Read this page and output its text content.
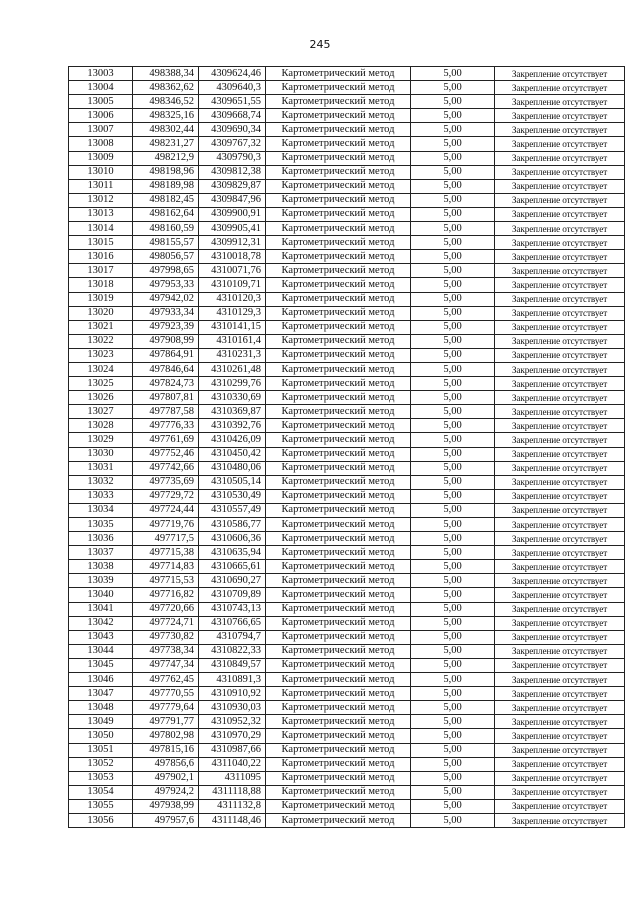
245
13003	498388,34	4309624,46	Картометрический метод	5,00	Закрепление отсутствует
13004	498362,62	4309640,3	Картометрический метод	5,00	Закрепление отсутствует
13005	498346,52	4309651,55	Картометрический метод	5,00	Закрепление отсутствует
13006	498325,16	4309668,74	Картометрический метод	5,00	Закрепление отсутствует
13007	498302,44	4309690,34	Картометрический метод	5,00	Закрепление отсутствует
13008	498231,27	4309767,32	Картометрический метод	5,00	Закрепление отсутствует
13009	498212,9	4309790,3	Картометрический метод	5,00	Закрепление отсутствует
13010	498198,96	4309812,38	Картометрический метод	5,00	Закрепление отсутствует
13011	498189,98	4309829,87	Картометрический метод	5,00	Закрепление отсутствует
13012	498182,45	4309847,96	Картометрический метод	5,00	Закрепление отсутствует
13013	498162,64	4309900,91	Картометрический метод	5,00	Закрепление отсутствует
13014	498160,59	4309905,41	Картометрический метод	5,00	Закрепление отсутствует
13015	498155,57	4309912,31	Картометрический метод	5,00	Закрепление отсутствует
13016	498056,57	4310018,78	Картометрический метод	5,00	Закрепление отсутствует
13017	497998,65	4310071,76	Картометрический метод	5,00	Закрепление отсутствует
13018	497953,33	4310109,71	Картометрический метод	5,00	Закрепление отсутствует
13019	497942,02	4310120,3	Картометрический метод	5,00	Закрепление отсутствует
13020	497933,34	4310129,3	Картометрический метод	5,00	Закрепление отсутствует
13021	497923,39	4310141,15	Картометрический метод	5,00	Закрепление отсутствует
13022	497908,99	4310161,4	Картометрический метод	5,00	Закрепление отсутствует
13023	497864,91	4310231,3	Картометрический метод	5,00	Закрепление отсутствует
13024	497846,64	4310261,48	Картометрический метод	5,00	Закрепление отсутствует
13025	497824,73	4310299,76	Картометрический метод	5,00	Закрепление отсутствует
13026	497807,81	4310330,69	Картометрический метод	5,00	Закрепление отсутствует
13027	497787,58	4310369,87	Картометрический метод	5,00	Закрепление отсутствует
13028	497776,33	4310392,76	Картометрический метод	5,00	Закрепление отсутствует
13029	497761,69	4310426,09	Картометрический метод	5,00	Закрепление отсутствует
13030	497752,46	4310450,42	Картометрический метод	5,00	Закрепление отсутствует
13031	497742,66	4310480,06	Картометрический метод	5,00	Закрепление отсутствует
13032	497735,69	4310505,14	Картометрический метод	5,00	Закрепление отсутствует
13033	497729,72	4310530,49	Картометрический метод	5,00	Закрепление отсутствует
13034	497724,44	4310557,49	Картометрический метод	5,00	Закрепление отсутствует
13035	497719,76	4310586,77	Картометрический метод	5,00	Закрепление отсутствует
13036	497717,5	4310606,36	Картометрический метод	5,00	Закрепление отсутствует
13037	497715,38	4310635,94	Картометрический метод	5,00	Закрепление отсутствует
13038	497714,83	4310665,61	Картометрический метод	5,00	Закрепление отсутствует
13039	497715,53	4310690,27	Картометрический метод	5,00	Закрепление отсутствует
13040	497716,82	4310709,89	Картометрический метод	5,00	Закрепление отсутствует
13041	497720,66	4310743,13	Картометрический метод	5,00	Закрепление отсутствует
13042	497724,71	4310766,65	Картометрический метод	5,00	Закрепление отсутствует
13043	497730,82	4310794,7	Картометрический метод	5,00	Закрепление отсутствует
13044	497738,34	4310822,33	Картометрический метод	5,00	Закрепление отсутствует
13045	497747,34	4310849,57	Картометрический метод	5,00	Закрепление отсутствует
13046	497762,45	4310891,3	Картометрический метод	5,00	Закрепление отсутствует
13047	497770,55	4310910,92	Картометрический метод	5,00	Закрепление отсутствует
13048	497779,64	4310930,03	Картометрический метод	5,00	Закрепление отсутствует
13049	497791,77	4310952,32	Картометрический метод	5,00	Закрепление отсутствует
13050	497802,98	4310970,29	Картометрический метод	5,00	Закрепление отсутствует
13051	497815,16	4310987,66	Картометрический метод	5,00	Закрепление отсутствует
13052	497856,6	4311040,22	Картометрический метод	5,00	Закрепление отсутствует
13053	497902,1	4311095	Картометрический метод	5,00	Закрепление отсутствует
13054	497924,2	4311118,88	Картометрический метод	5,00	Закрепление отсутствует
13055	497938,99	4311132,8	Картометрический метод	5,00	Закрепление отсутствует
13056	497957,6	4311148,46	Картометрический метод	5,00	Закрепление отсутствует
